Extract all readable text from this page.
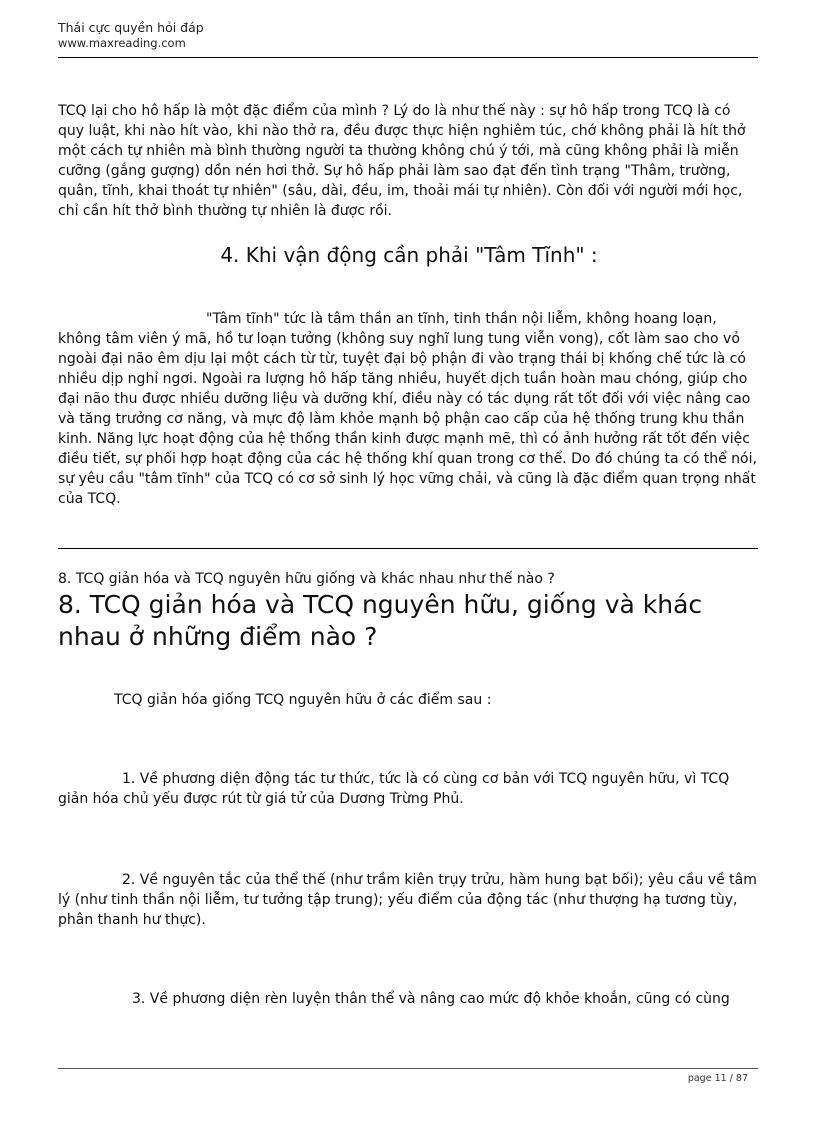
Thái cực quyền hỏi đáp
www.maxreading.com

TCQ lại cho hô hấp là một đặc điểm của mình ? Lý do là như thế này : sự hô hấp trong TCQ là có quy luật, khi nào hít vào, khi nào thở ra, đều được thực hiện nghiêm túc, chớ không phải là hít thở một cách tự nhiên mà bình thường người ta thường không chú ý tới, mà cũng không phải là miễn cưỡng (gắng gượng) dồn nén hơi thở. Sự hô hấp phải làm sao đạt đến tình trạng "Thâm, trường, quân, tĩnh, khai thoát tự nhiên" (sâu, dài, đều, im, thoải mái tự nhiên). Còn đối với người mới học, chỉ cần hít thở bình thường tự nhiên là được rồi.

4. Khi vận động cần phải "Tâm Tĩnh" :

"Tâm tĩnh" tức là tâm thần an tĩnh, tinh thần nội liễm, không hoang loạn, không tâm viên ý mã, hồ tư loạn tưởng (không suy nghĩ lung tung viễn vong), cốt làm sao cho vỏ ngoài đại não êm dịu lại một cách từ từ, tuyệt đại bộ phận đi vào trạng thái bị khống chế tức là có nhiều dịp nghỉ ngơi. Ngoài ra lượng hô hấp tăng nhiều, huyết dịch tuần hoàn mau chóng, giúp cho đại não thu được nhiều dưỡng liệu và dưỡng khí, điều này có tác dụng rất tốt đối với việc nâng cao và tăng trưởng cơ năng, và mực độ làm khỏe mạnh bộ phận cao cấp của hệ thống trung khu thần kinh. Năng lực hoạt động của hệ thống thần kinh được mạnh mẽ, thì có ảnh hưởng rất tốt đến việc điều tiết, sự phối hợp hoạt động của các hệ thống khí quan trong cơ thể. Do đó chúng ta có thể nói, sự yêu cầu "tâm tĩnh" của TCQ có cơ sở sinh lý học vững chải, và cũng là đặc điểm quan trọng nhất của TCQ.

8. TCQ giản hóa và TCQ nguyên hữu giống và khác nhau như thế nào ?

8. TCQ giản hóa và TCQ nguyên hữu, giống và khác nhau ở những điểm nào ?

TCQ giản hóa giống TCQ nguyên hữu ở các điểm sau :

1. Về phương diện động tác tư thức, tức là có cùng cơ bản với TCQ nguyên hữu, vì TCQ giản hóa chủ yếu được rút từ giá tử của Dương Trừng Phủ.

2. Về nguyên tắc của thể thế (như trầm kiên trụy trửu, hàm hung bạt bối); yêu cầu về tâm lý (như tinh thần nội liễm, tư tưởng tập trung); yếu điểm của động tác (như thượng hạ tương tùy, phân thanh hư thực).

3. Về phương diện rèn luyện thân thể và nâng cao mức độ khỏe khoắn, cũng có cùng

page 11 / 87
